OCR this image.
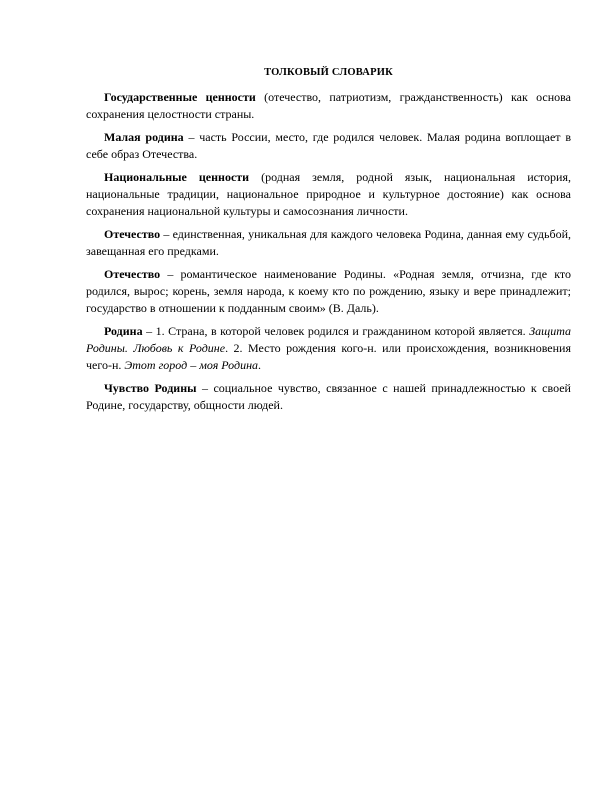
ТОЛКОВЫЙ СЛОВАРИК

Государственные ценности (отечество, патриотизм, гражданственность) как основа сохранения целостности страны.

Малая родина – часть России, место, где родился человек. Малая родина воплощает в себе образ Отечества.

Национальные ценности (родная земля, родной язык, национальная история, национальные традиции, национальное природное и культурное достояние) как основа сохранения национальной культуры и самосознания личности.

Отечество – единственная, уникальная для каждого человека Родина, данная ему судьбой, завещанная его предками.

Отечество – романтическое наименование Родины. «Родная земля, отчизна, где кто родился, вырос; корень, земля народа, к коему кто по рождению, языку и вере принадлежит; государство в отношении к подданным своим» (В. Даль).

Родина – 1. Страна, в которой человек родился и гражданином которой является. Защита Родины. Любовь к Родине. 2. Место рождения кого-н. или происхождения, возникновения чего-н. Этот город – моя Родина.

Чувство Родины – социальное чувство, связанное с нашей принадлежностью к своей Родине, государству, общности людей.
